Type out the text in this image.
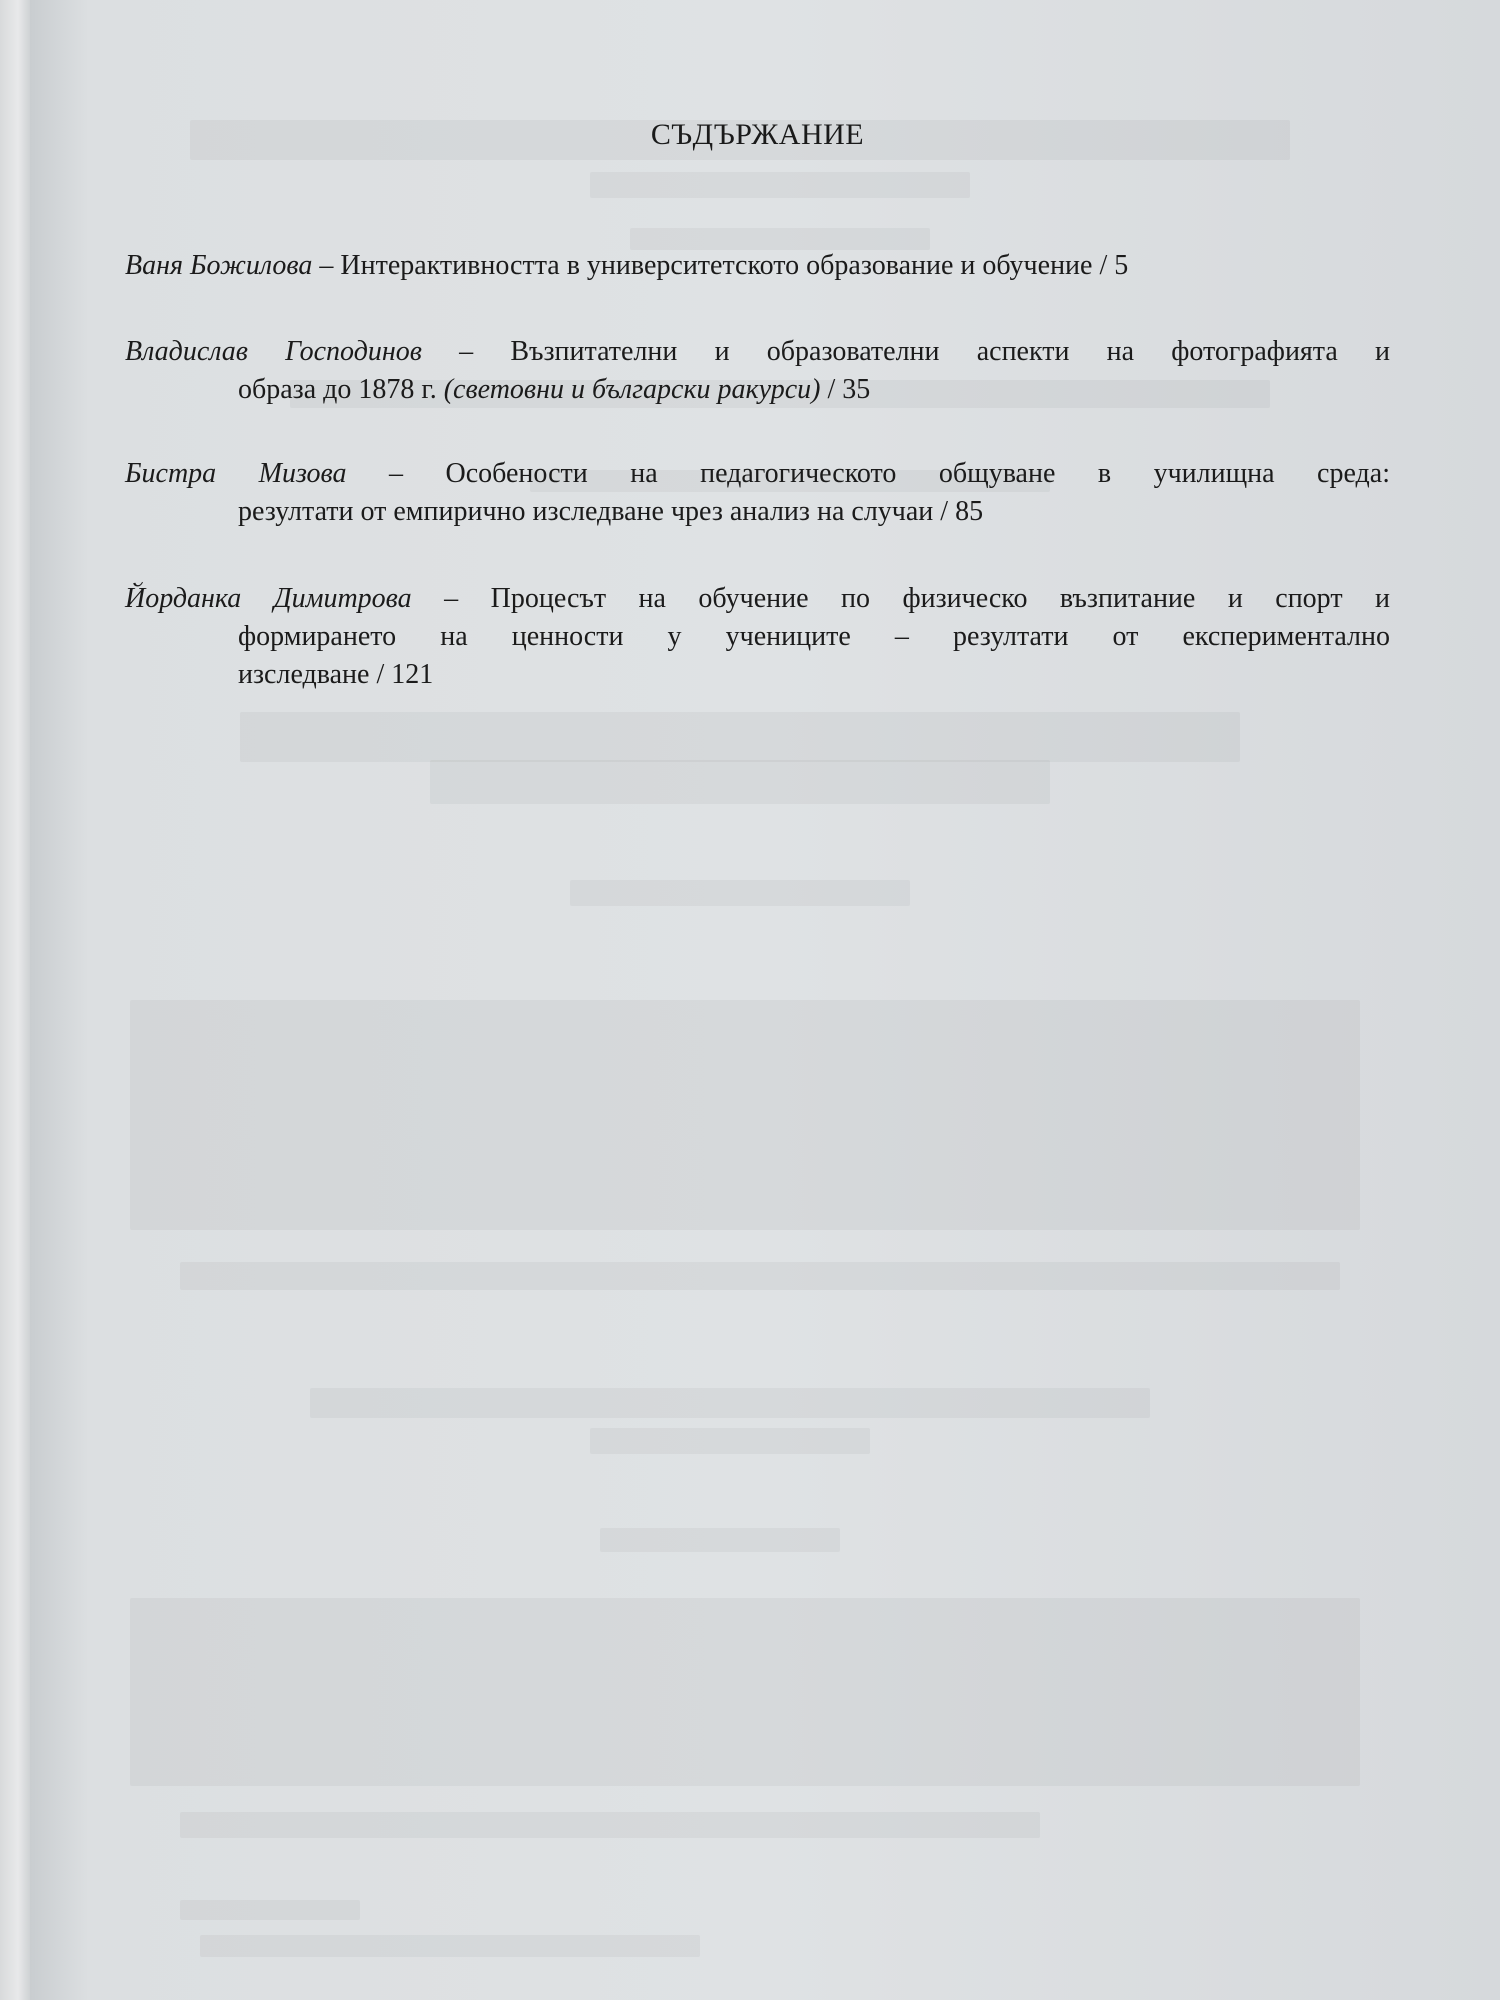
СЪДЪРЖАНИЕ
Ваня Божилова – Интерактивността в университетското образование и обучение / 5
Владислав Господинов – Възпитателни и образователни аспекти на фотографията и
образа до 1878 г. (световни и български ракурси) / 35
Бистра Мизова – Особености на педагогическото общуване в училищна среда:
резултати от емпирично изследване чрез анализ на случаи / 85
Йорданка Димитрова – Процесът на обучение по физическо възпитание и спорт и
формирането на ценности у учениците – резултати от експериментално
изследване / 121
